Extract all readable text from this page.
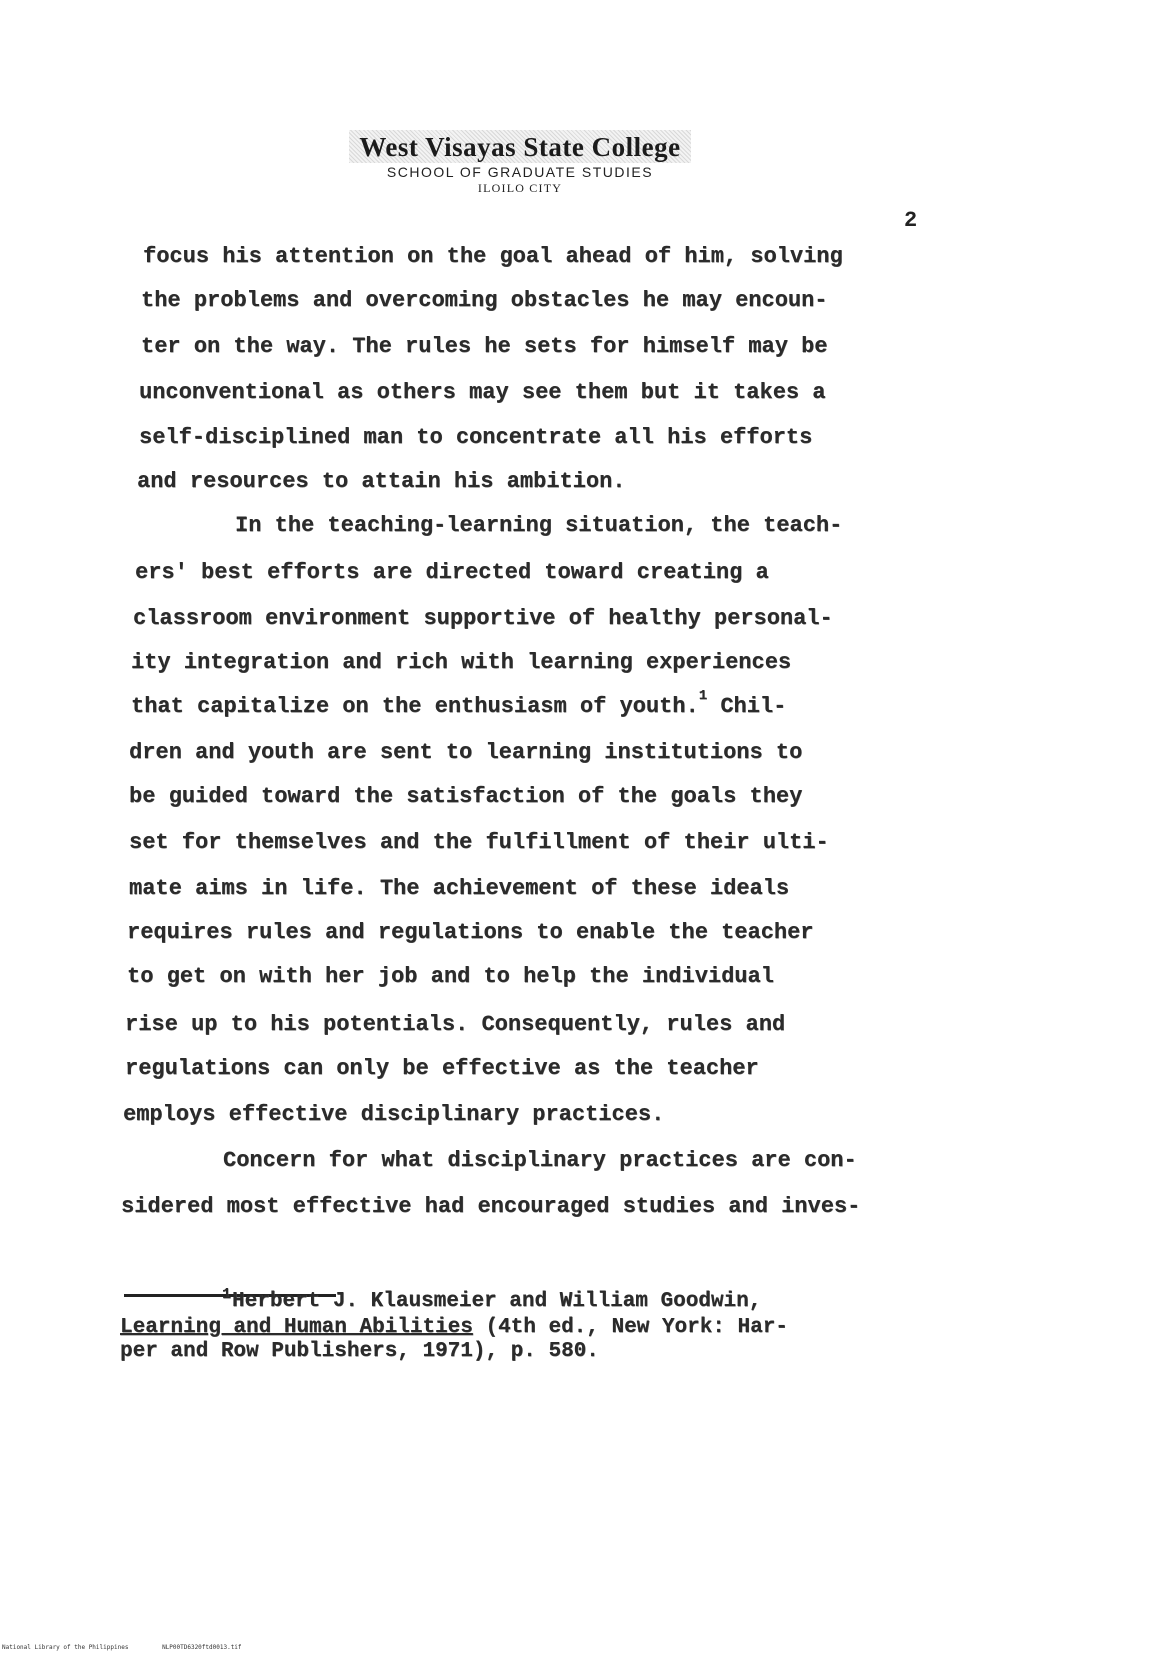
West Visayas State College
SCHOOL OF GRADUATE STUDIES
ILOILO CITY
2
focus his attention on the goal ahead of him, solving
the problems and overcoming obstacles he may encoun-
ter on the way. The rules he sets for himself may be
unconventional as others may see them but it takes a
self-disciplined man to concentrate all his efforts
and resources to attain his ambition.
In the teaching-learning situation, the teach-
ers' best efforts are directed toward creating a
classroom environment supportive of healthy personal-
ity integration and rich with learning experiences
that capitalize on the enthusiasm of youth.$^1$ Chil-
dren and youth are sent to learning institutions to
be guided toward the satisfaction of the goals they
set for themselves and the fulfillment of their ulti-
mate aims in life. The achievement of these ideals
requires rules and regulations to enable the teacher
to get on with her job and to help the individual
rise up to his potentials. Consequently, rules and
regulations can only be effective as the teacher
employs effective disciplinary practices.
Concern for what disciplinary practices are con-
sidered most effective had encouraged studies and inves-
$^1$Herbert J. Klausmeier and William Goodwin,
Learning and Human Abilities (4th ed., New York: Har-
per and Row Publishers, 1971), p. 580.
National Library of the Philippines	NLP00TD6320ftd0013.tif
